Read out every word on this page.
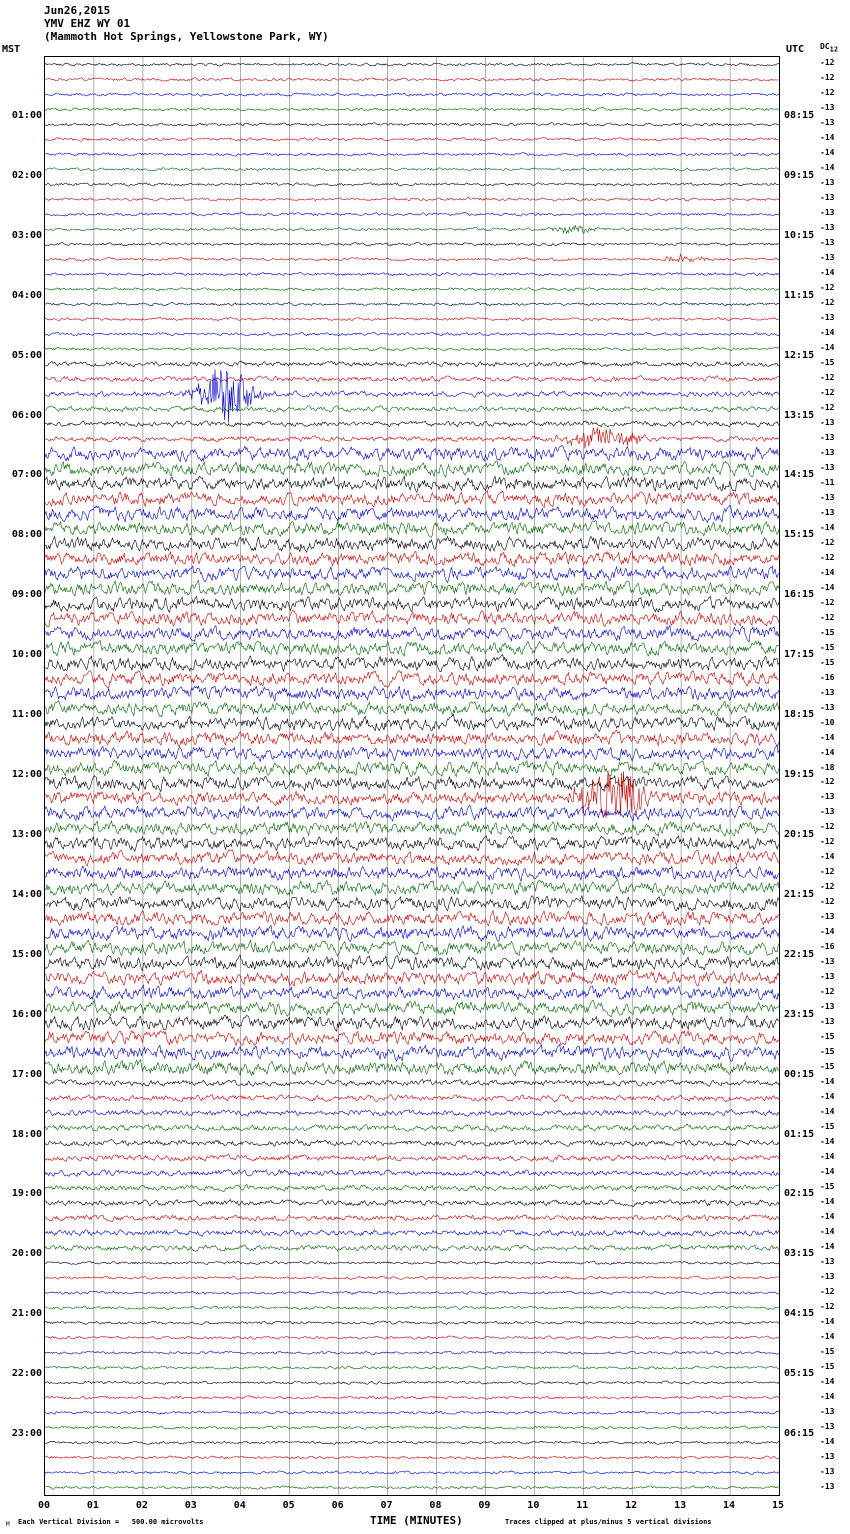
Jun26,2015
YMV EHZ WY 01
(Mammoth Hot Springs, Yellowstone Park, WY)
MST	UTC $DC_{12}$
01:00
02:00
03:00
04:00
05:00
06:00
07:00
08:00
09:00
10:00
11:00
12:00
13:00
14:00
15:00
16:00
17:00
18:00
19:00
20:00
21:00
22:00
23:00
08:15
09:15
10:15
11:15
12:15
13:15
14:15
15:15
16:15
17:15
18:15
19:15
20:15
21:15
22:15
23:15
00:15
01:15
02:15
03:15
04:15
05:15
06:15
-12
-12
-12
-13
-13
-14
-14
-14
-13
-13
-13
-13
-13
-13
-14
-12
-12
-13
-14
-14
-15
-12
-12
-12
-13
-13
-13
-13
-11
-13
-13
-14
-12
-12
-14
-14
-12
-12
-15
-15
-15
-16
-13
-13
-10
-14
-14
-18
-12
-13
-13
-12
-12
-14
-12
-12
-12
-13
-14
-16
-13
-13
-12
-13
-13
-15
-15
-15
-14
-14
-14
-15
-14
-14
-14
-15
-14
-14
-14
-14
-13
-13
-12
-12
-14
-14
-15
-15
-14
-14
-13
-13
-14
-13
-13
-13
00	01	02	03	04	05	06	07	08	09	10	11	12	13	14	15
M Each Vertical Division =   500.00 microvolts	TIME (MINUTES)	Traces clipped at plus/minus 5 vertical divisions
